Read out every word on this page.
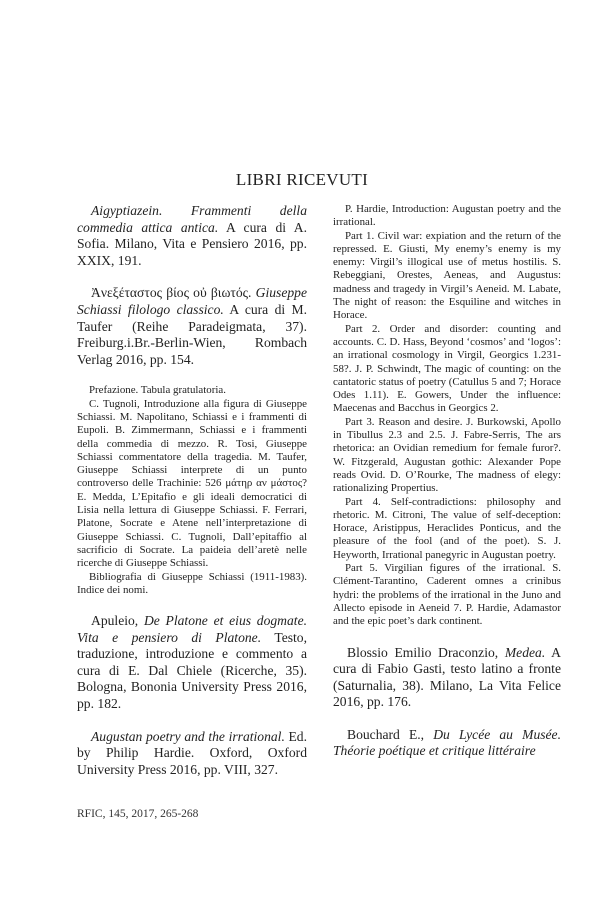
LIBRI RICEVUTI

Aigyptiazein. Frammenti della commedia attica antica. A cura di A. Sofia. Milano, Vita e Pensiero 2016, pp. XXIX, 191.

Ἀνεξέταστος βίος οὐ βιωτός. Giuseppe Schiassi filologo classico. A cura di M. Taufer (Reihe Paradeigmata, 37). Freiburg.i.Br.-Berlin-Wien, Rombach Verlag 2016, pp. 154.

Prefazione. Tabula gratulatoria.

C. Tugnoli, Introduzione alla figura di Giuseppe Schiassi. M. Napolitano, Schiassi e i frammenti di Eupoli. B. Zimmermann, Schiassi e i frammenti della commedia di mezzo. R. Tosi, Giuseppe Schiassi commentatore della tragedia. M. Taufer, Giuseppe Schiassi interprete di un punto controverso delle Trachinie: 526 μάτηρ αν μάστος? E. Medda, L’Epitafio e gli ideali democratici di Lisia nella lettura di Giuseppe Schiassi. F. Ferrari, Platone, Socrate e Atene nell’interpretazione di Giuseppe Schiassi. C. Tugnoli, Dall’epitaffio al sacrificio di Socrate. La paideia dell’aretè nelle ricerche di Giuseppe Schiassi.

Bibliografia di Giuseppe Schiassi (1911-1983). Indice dei nomi.

Apuleio, De Platone et eius dogmate. Vita e pensiero di Platone. Testo, traduzione, introduzione e commento a cura di E. Dal Chiele (Ricerche, 35). Bologna, Bononia University Press 2016, pp. 182.

Augustan poetry and the irrational. Ed. by Philip Hardie. Oxford, Oxford University Press 2016, pp. VIII, 327.

P. Hardie, Introduction: Augustan poetry and the irrational.

Part 1. Civil war: expiation and the return of the repressed. E. Giusti, My enemy’s enemy is my enemy: Virgil’s illogical use of metus hostilis. S. Rebeggiani, Orestes, Aeneas, and Augustus: madness and tragedy in Virgil’s Aeneid. M. Labate, The night of reason: the Esquiline and witches in Horace.

Part 2. Order and disorder: counting and accounts. C. D. Hass, Beyond ‘cosmos’ and ‘logos’: an irrational cosmology in Virgil, Georgics 1.231-58?. J. P. Schwindt, The magic of counting: on the cantatoric status of poetry (Catullus 5 and 7; Horace Odes 1.11). E. Gowers, Under the influence: Maecenas and Bacchus in Georgics 2.

Part 3. Reason and desire. J. Burkowski, Apollo in Tibullus 2.3 and 2.5. J. Fabre-Serris, The ars rhetorica: an Ovidian remedium for female furor?. W. Fitzgerald, Augustan gothic: Alexander Pope reads Ovid. D. O’Rourke, The madness of elegy: rationalizing Propertius.

Part 4. Self-contradictions: philosophy and rhetoric. M. Citroni, The value of self-deception: Horace, Aristippus, Heraclides Ponticus, and the pleasure of the fool (and of the poet). S. J. Heyworth, Irrational panegyric in Augustan poetry.

Part 5. Virgilian figures of the irrational. S. Clément-Tarantino, Caderent omnes a crinibus hydri: the problems of the irrational in the Juno and Allecto episode in Aeneid 7. P. Hardie, Adamastor and the epic poet’s dark continent.

Blossio Emilio Draconzio, Medea. A cura di Fabio Gasti, testo latino a fronte (Saturnalia, 38). Milano, La Vita Felice 2016, pp. 176.

Bouchard E., Du Lycée au Musée. Théorie poétique et critique littéraire

RFIC, 145, 2017, 265-268
